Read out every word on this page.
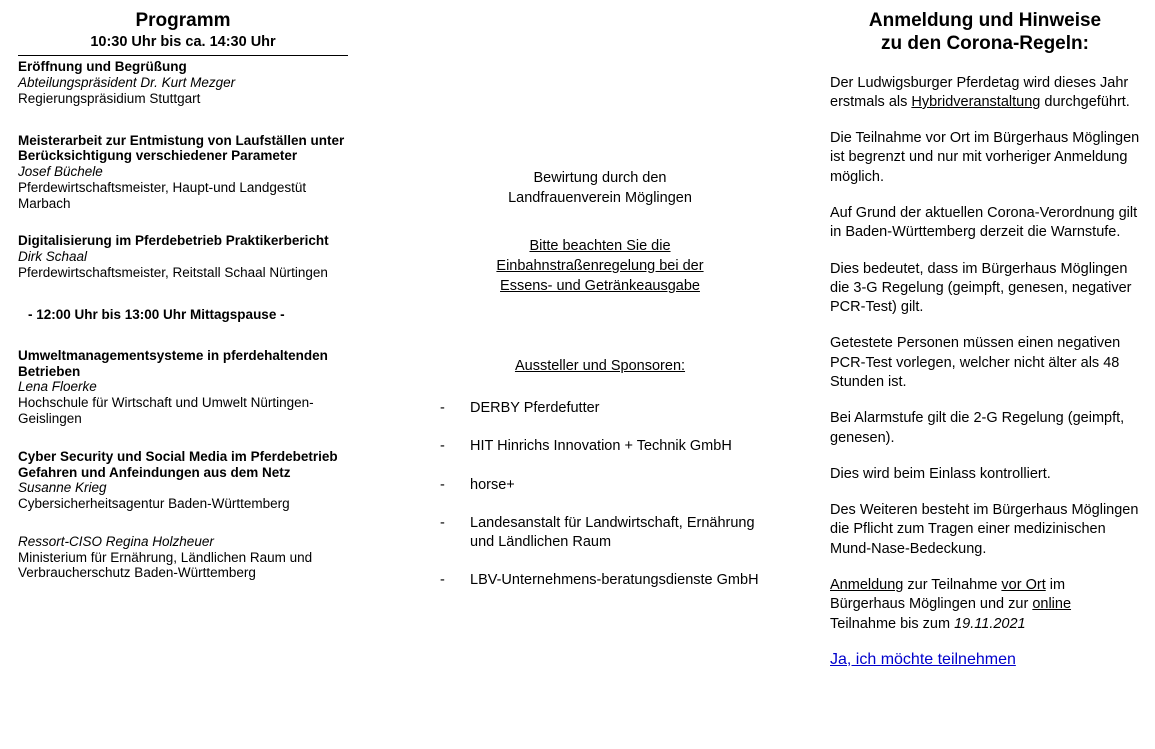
Programm
10:30 Uhr bis ca. 14:30 Uhr
Eröffnung und Begrüßung
Abteilungspräsident Dr. Kurt Mezger
Regierungspräsidium Stuttgart
Meisterarbeit zur Entmistung von Laufställen unter Berücksichtigung verschiedener Parameter
Josef Büchele
Pferdewirtschaftsmeister, Haupt-und Landgestüt Marbach
Digitalisierung im Pferdebetrieb Praktikerbericht
Dirk Schaal
Pferdewirtschaftsmeister, Reitstall Schaal Nürtingen
- 12:00 Uhr bis 13:00 Uhr Mittagspause -
Umweltmanagementsysteme in pferdehaltenden Betrieben
Lena Floerke
Hochschule für Wirtschaft und Umwelt Nürtingen-Geislingen
Cyber Security und Social Media im Pferdebetrieb Gefahren und Anfeindungen aus dem Netz
Susanne Krieg
Cybersicherheitsagentur Baden-Württemberg
Ressort-CISO Regina Holzheuer
Ministerium für Ernährung, Ländlichen Raum und Verbraucherschutz Baden-Württemberg
Bewirtung durch den
Landfrauenverein Möglingen
Bitte beachten Sie die
Einbahnstraßenregelung bei der
Essens- und Getränkeausgabe
Aussteller und Sponsoren:
-	DERBY Pferdefutter
-	HIT Hinrichs Innovation + Technik GmbH
-	horse+
-	Landesanstalt für Landwirtschaft, Ernährung und Ländlichen Raum
-	LBV-Unternehmens-beratungsdienste GmbH
Anmeldung und Hinweise
zu den Corona-Regeln:

Der Ludwigsburger Pferdetag wird dieses Jahr erstmals als Hybridveranstaltung durchgeführt.

Die Teilnahme vor Ort im Bürgerhaus Möglingen ist begrenzt und nur mit vorheriger Anmeldung möglich.

Auf Grund der aktuellen Corona-Verordnung gilt in Baden-Württemberg derzeit die Warnstufe.

Dies bedeutet, dass im Bürgerhaus Möglingen die 3-G Regelung (geimpft, genesen, negativer PCR-Test) gilt.

Getestete Personen müssen einen negativen PCR-Test vorlegen, welcher nicht älter als 48 Stunden ist.

Bei Alarmstufe gilt die 2-G Regelung (geimpft, genesen).

Dies wird beim Einlass kontrolliert.

Des Weiteren besteht im Bürgerhaus Möglingen die Pflicht zum Tragen einer medizinischen Mund-Nase-Bedeckung.

Anmeldung zur Teilnahme vor Ort im Bürgerhaus Möglingen und zur online Teilnahme bis zum 19.11.2021

Ja, ich möchte teilnehmen
